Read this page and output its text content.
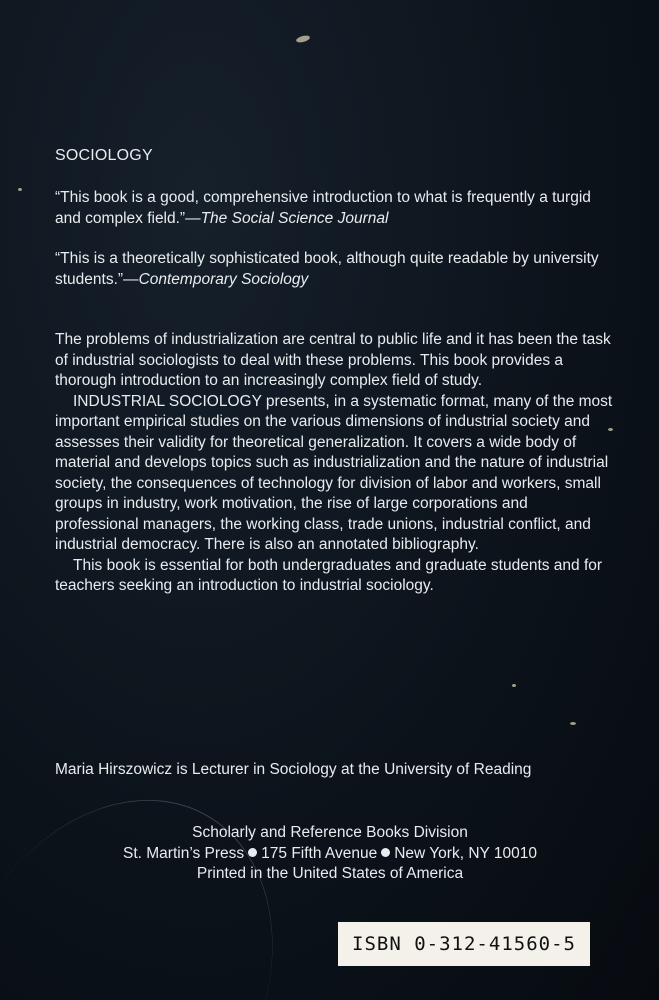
SOCIOLOGY
“This book is a good, comprehensive introduction to what is frequently a turgid and complex field.”—The Social Science Journal
“This is a theoretically sophisticated book, although quite readable by university students.”—Contemporary Sociology

The problems of industrialization are central to public life and it has been the task of industrial sociologists to deal with these problems. This book provides a thorough introduction to an increasingly complex field of study.

INDUSTRIAL SOCIOLOGY presents, in a systematic format, many of the most important empirical studies on the various dimensions of industrial society and assesses their validity for theoretical generalization. It covers a wide body of material and develops topics such as industrialization and the nature of industrial society, the consequences of technology for division of labor and workers, small groups in industry, work motivation, the rise of large corporations and professional managers, the working class, trade unions, industrial conflict, and industrial democracy. There is also an annotated bibliography.

This book is essential for both undergraduates and graduate students and for teachers seeking an introduction to industrial sociology.

Maria Hirszowicz is Lecturer in Sociology at the University of Reading
Scholarly and Reference Books Division
St. Martin’s Press 175 Fifth Avenue New York, NY 10010
Printed in the United States of America
ISBN 0-312-41560-5
